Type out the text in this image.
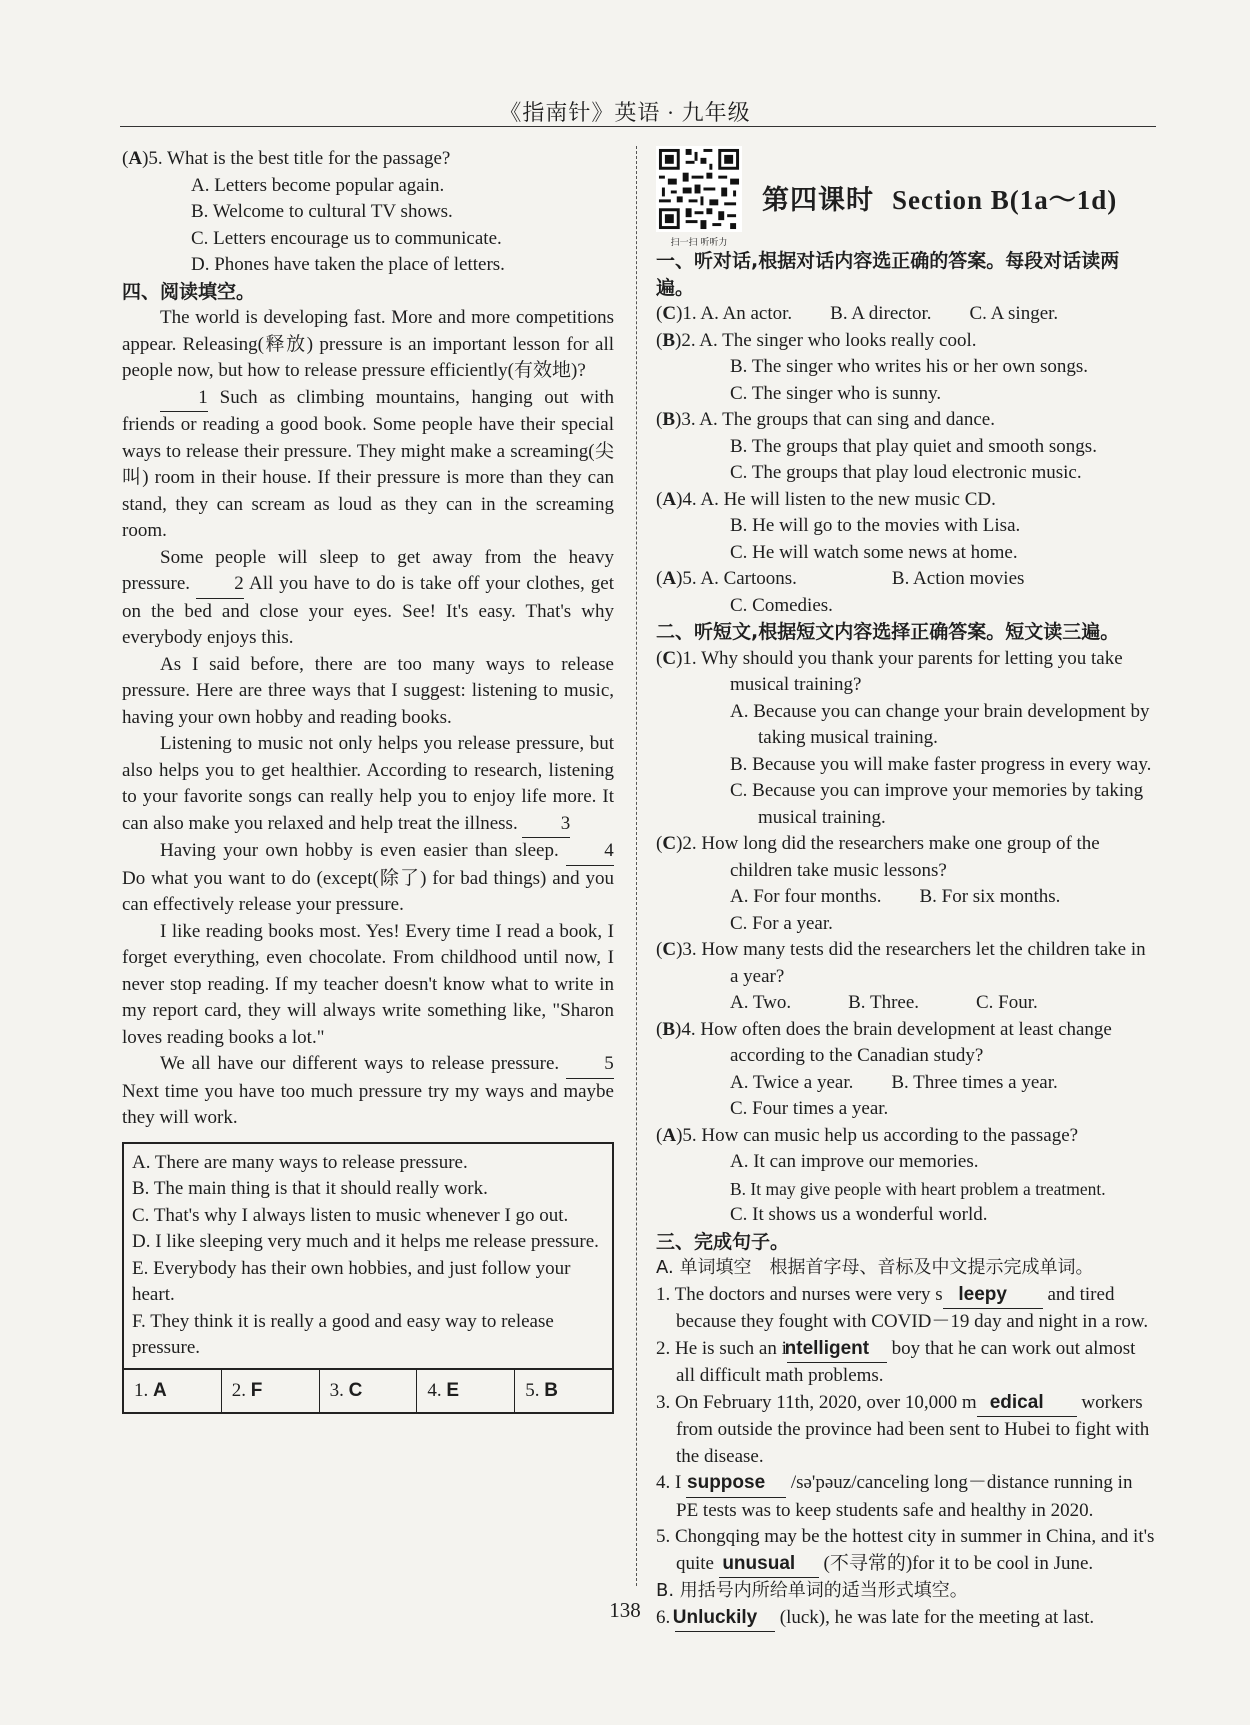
《指南针》英语 · 九年级

(A)5. What is the best title for the passage?

A. Letters become popular again.

B. Welcome to cultural TV shows.

C. Letters encourage us to communicate.

D. Phones have taken the place of letters.

四、阅读填空。

The world is developing fast. More and more competitions appear. Releasing(释放) pressure is an important lesson for all people now, but how to release pressure efficiently(有效地)?

1 Such as climbing mountains, hanging out with friends or reading a good book. Some people have their special ways to release their pressure. They might make a screaming(尖叫) room in their house. If their pressure is more than they can stand, they can scream as loud as they can in the screaming room.

Some people will sleep to get away from the heavy pressure. 2 All you have to do is take off your clothes, get on the bed and close your eyes. See! It's easy. That's why everybody enjoys this.

As I said before, there are too many ways to release pressure. Here are three ways that I suggest: listening to music, having your own hobby and reading books.

Listening to music not only helps you release pressure, but also helps you to get healthier. According to research, listening to your favorite songs can really help you to enjoy life more. It can also make you relaxed and help treat the illness. 3

Having your own hobby is even easier than sleep. 4 Do what you want to do (except(除了) for bad things) and you can effectively release your pressure.

I like reading books most. Yes! Every time I read a book, I forget everything, even chocolate. From childhood until now, I never stop reading. If my teacher doesn't know what to write in my report card, they will always write something like, "Sharon loves reading books a lot."

We all have our different ways to release pressure. 5 Next time you have too much pressure try my ways and maybe they will work.

A. There are many ways to release pressure.

B. The main thing is that it should really work.

C. That's why I always listen to music whenever I go out.

D. I like sleeping very much and it helps me release pressure.

E. Everybody has their own hobbies, and just follow your heart.

F. They think it is really a good and easy way to release pressure.

1. A	2. F	3. C	4. E	5. B
扫一扫 听听力
第四课时 Section B(1a～1d)

一、听对话,根据对话内容选正确的答案。每段对话读两遍。

(C)1. A. An actor.　　B. A director.　　C. A singer.

(B)2. A. The singer who looks really cool.

B. The singer who writes his or her own songs.

C. The singer who is sunny.

(B)3. A. The groups that can sing and dance.

B. The groups that play quiet and smooth songs.

C. The groups that play loud electronic music.

(A)4. A. He will listen to the new music CD.

B. He will go to the movies with Lisa.

C. He will watch some news at home.

(A)5. A. Cartoons.　　　　　B. Action movies

C. Comedies.

二、听短文,根据短文内容选择正确答案。短文读三遍。

(C)1. Why should you thank your parents for letting you take musical training?

A. Because you can change your brain development by taking musical training.

B. Because you will make faster progress in every way.

C. Because you can improve your memories by taking musical training.

(C)2. How long did the researchers make one group of the children take music lessons?

A. For four months.　　B. For six months.

C. For a year.

(C)3. How many tests did the researchers let the children take in a year?

A. Two.　　　B. Three.　　　C. Four.

(B)4. How often does the brain development at least change according to the Canadian study?

A. Twice a year.　　B. Three times a year.

C. Four times a year.

(A)5. How can music help us according to the passage?

A. It can improve our memories.

B. It may give people with heart problem a treatment.

C. It shows us a wonderful world.

三、完成句子。

A. 单词填空　根据首字母、音标及中文提示完成单词。

1. The doctors and nurses were very s leepy and tired because they fought with COVID－19 day and night in a row.

2. He is such an intelligent boy that he can work out almost all difficult math problems.

3. On February 11th, 2020, over 10,000 m edical workers from outside the province had been sent to Hubei to fight with the disease.

4. I suppose /sə'pəuz/canceling long－distance running in PE tests was to keep students safe and healthy in 2020.

5. Chongqing may be the hottest city in summer in China, and it's quite unusual (不寻常的)for it to be cool in June.

B. 用括号内所给单词的适当形式填空。

6. Unluckily (luck), he was late for the meeting at last.

138
